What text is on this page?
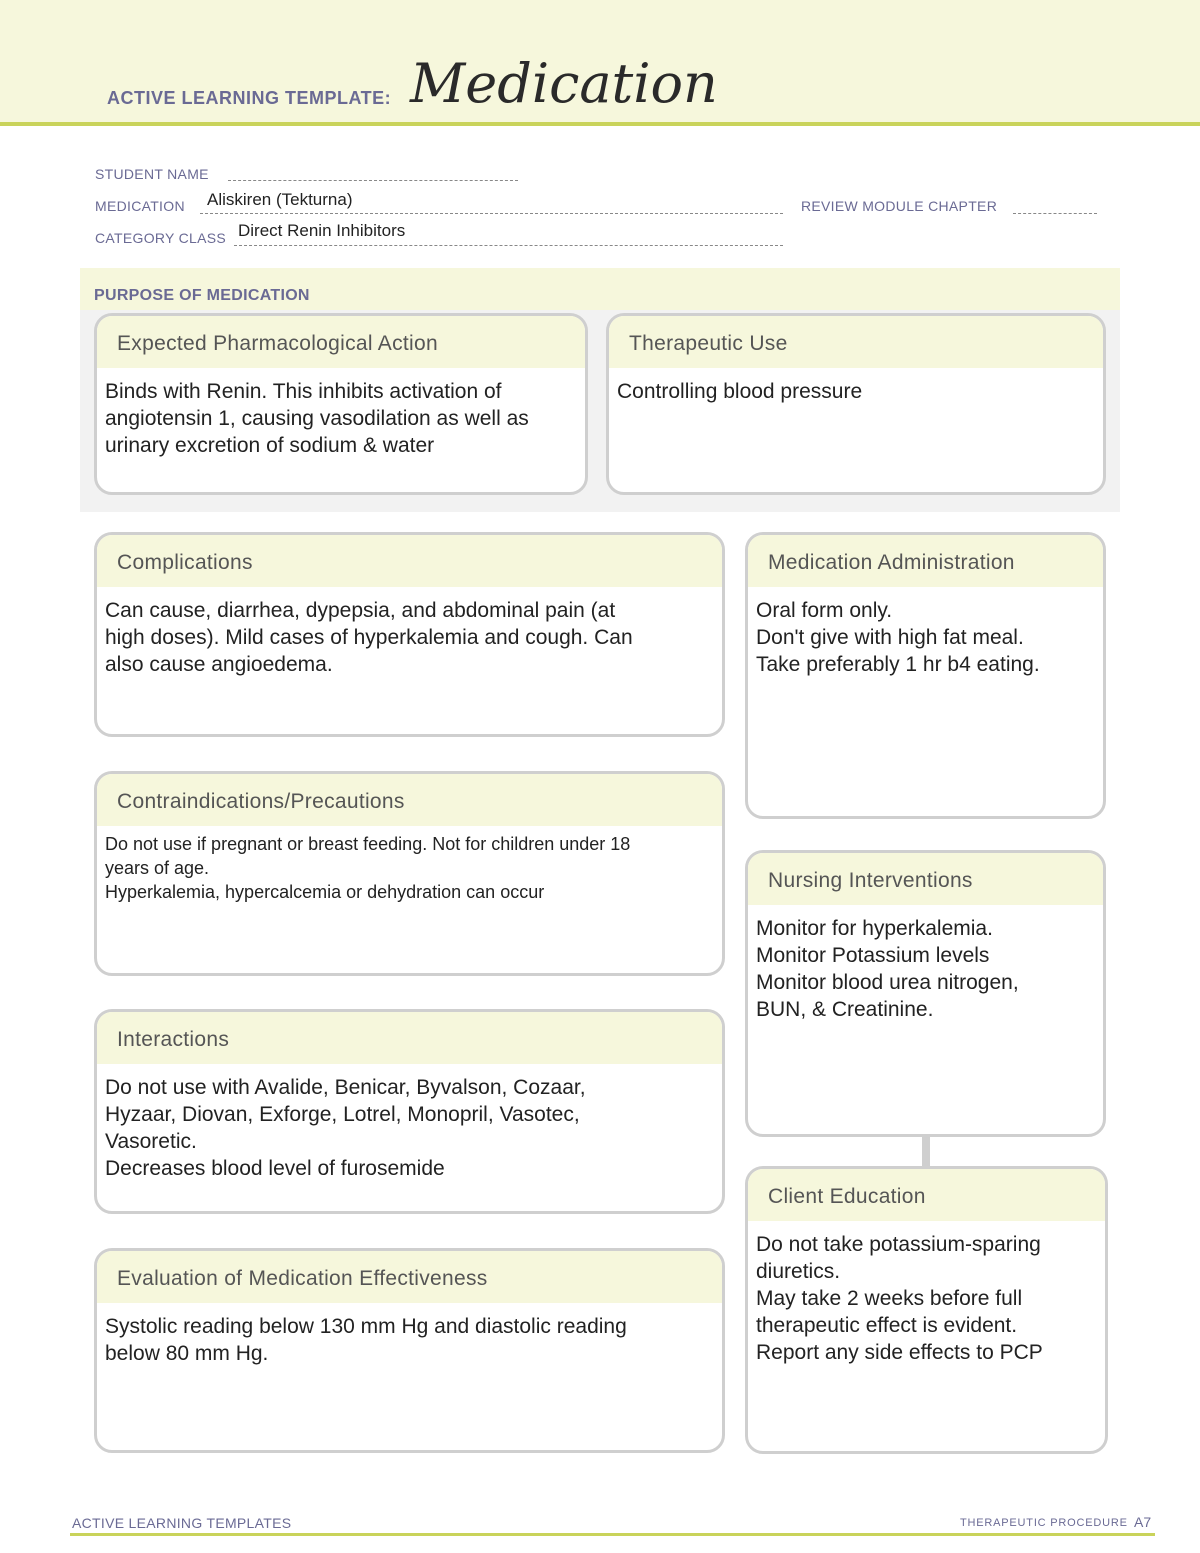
ACTIVE LEARNING TEMPLATE: Medication
STUDENT NAME
MEDICATION Aliskiren (Tekturna)	REVIEW MODULE CHAPTER
CATEGORY CLASS Direct Renin Inhibitors
PURPOSE OF MEDICATION
Expected Pharmacological Action
Binds with Renin. This inhibits activation of
angiotensin 1, causing vasodilation as well as
urinary excretion of sodium & water
Therapeutic Use
Controlling blood pressure
Complications
Can cause, diarrhea, dypepsia, and abdominal pain (at
high doses). Mild cases of hyperkalemia and cough. Can
also cause angioedema.
Contraindications/Precautions
Do not use if pregnant or breast feeding. Not for children under 18
years of age.
Hyperkalemia, hypercalcemia or dehydration can occur
Interactions
Do not use with Avalide, Benicar, Byvalson, Cozaar,
Hyzaar, Diovan, Exforge, Lotrel, Monopril, Vasotec,
Vasoretic.
Decreases blood level of furosemide
Evaluation of Medication Effectiveness
Systolic reading below 130 mm Hg and diastolic reading
below 80 mm Hg.
Medication Administration
Oral form only.
Don't give with high fat meal.
Take preferably 1 hr b4 eating.
Nursing Interventions
Monitor for hyperkalemia.
Monitor Potassium levels
Monitor blood urea nitrogen,
BUN, & Creatinine.
Client Education
Do not take potassium-sparing
diuretics.
May take 2 weeks before full
therapeutic effect is evident.
Report any side effects to PCP
ACTIVE LEARNING TEMPLATES	THERAPEUTIC PROCEDURE A7
